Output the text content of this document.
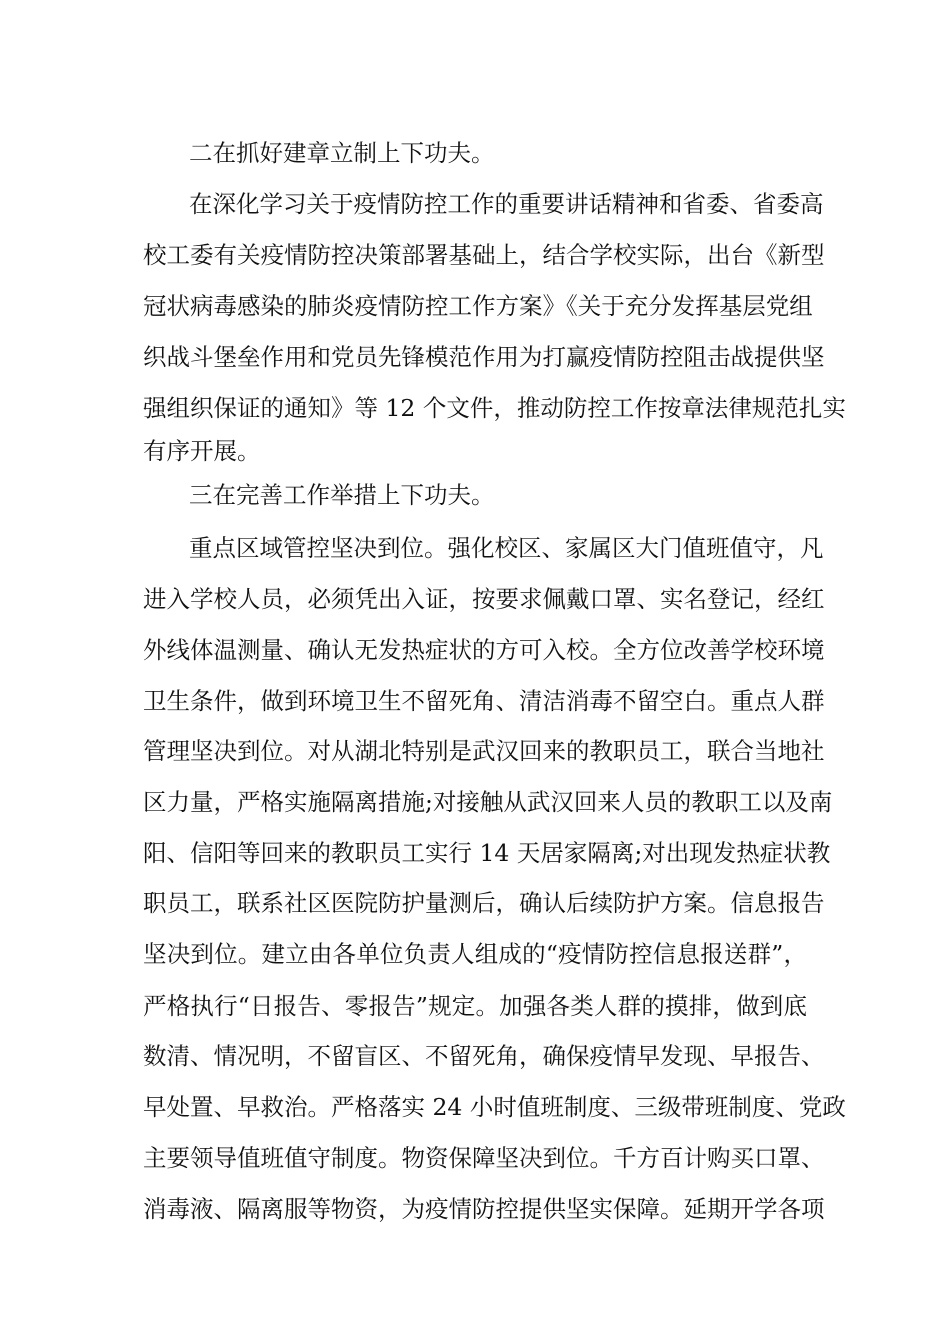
二在抓好建章立制上下功夫。
在深化学习关于疫情防控工作的重要讲话精神和省委、省委高
校工委有关疫情防控决策部署基础上，结合学校实际，出台《新型
冠状病毒感染的肺炎疫情防控工作方案》《关于充分发挥基层党组
织战斗堡垒作用和党员先锋模范作用为打赢疫情防控阻击战提供坚
强组织保证的通知》等 12 个文件，推动防控工作按章法律规范扎实
有序开展。
三在完善工作举措上下功夫。
重点区域管控坚决到位。强化校区、家属区大门值班值守，凡
进入学校人员，必须凭出入证，按要求佩戴口罩、实名登记，经红
外线体温测量、确认无发热症状的方可入校。全方位改善学校环境
卫生条件，做到环境卫生不留死角、清洁消毒不留空白。重点人群
管理坚决到位。对从湖北特别是武汉回来的教职员工，联合当地社
区力量，严格实施隔离措施;对接触从武汉回来人员的教职工以及南
阳、信阳等回来的教职员工实行 14 天居家隔离;对出现发热症状教
职员工，联系社区医院防护量测后，确认后续防护方案。信息报告
坚决到位。建立由各单位负责人组成的“疫情防控信息报送群”，
严格执行“日报告、零报告”规定。加强各类人群的摸排，做到底
数清、情况明，不留盲区、不留死角，确保疫情早发现、早报告、
早处置、早救治。严格落实 24 小时值班制度、三级带班制度、党政
主要领导值班值守制度。物资保障坚决到位。千方百计购买口罩、
消毒液、隔离服等物资，为疫情防控提供坚实保障。延期开学各项
